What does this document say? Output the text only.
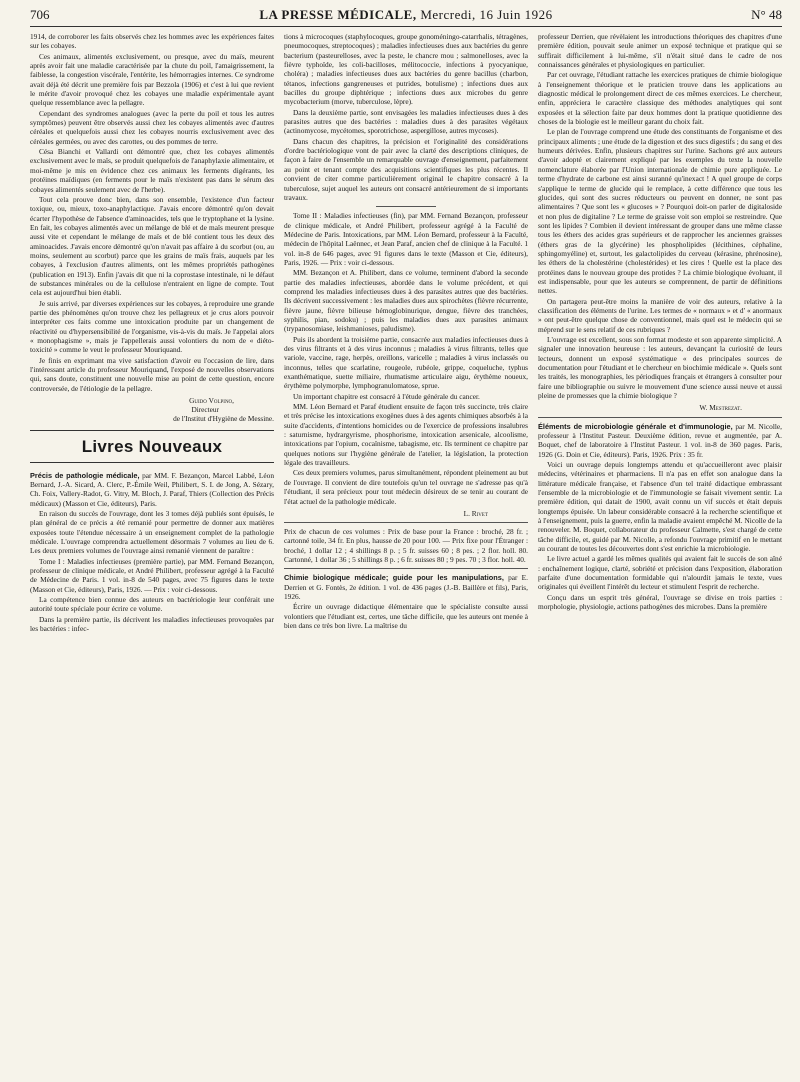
706	LA PRESSE MÉDICALE, Mercredi, 16 Juin 1926	N° 48

1914, de corroborer les faits observés chez les hommes avec les expériences faites sur les cobayes.

Ces animaux, alimentés exclusivement, ou presque, avec du maïs, meurent après avoir fait une maladie caractérisée par la chute du poil, l'amaigrissement, la faiblesse, la congestion viscérale, l'entérite, les hémorragies internes. Ce syndrome avait déjà été décrit une première fois par Bezzola (1906) et c'est à lui que revient le mérite d'avoir provoqué chez les cobayes une maladie expérimentale ayant quelque ressemblance avec la pellagre.

Cependant des syndromes analogues (avec la perte du poil et tous les autres symptômes) peuvent être observés aussi chez les cobayes alimentés avec d'autres céréales et quelquefois aussi chez les cobayes nourris exclusivement avec des céréales germées, ou avec des carottes, ou des pommes de terre.

Césa Bianchi et Vallardi ont démontré que, chez les cobayes alimentés exclusivement avec le maïs, se produit quelquefois de l'anaphylaxie alimentaire, et moi-même je mis en évidence chez ces animaux les ferments digérants, les protéines maïdiques (en ferments pour le maïs n'existent pas dans le sérum des cobayes alimentés seulement avec de l'herbe).

Tout cela prouve donc bien, dans son ensemble, l'existence d'un facteur toxique, ou, mieux, toxo-anaphylactique. J'avais encore démontré qu'on devait écarter l'hypothèse de l'absence d'aminoacides, tels que le tryptophane et la lysine. En fait, les cobayes alimentés avec un mélange de blé et de maïs meurent presque aussi vite et cependant le mélange de maïs et de blé contient tous les deux des aminoacides. J'avais encore démontré qu'on n'avait pas affaire à du scorbut (ou, au moins, seulement au scorbut) parce que les grains de maïs frais, auquels par les cobayes, à l'exclusion d'autres aliments, ont les mêmes propriétés pathogènes (publication en 1913). Enfin j'avais dit que ni la coprostase intestinale, ni le défaut de substances minérales ou de la cellulose n'entraient en ligne de compte. Tout cela est aujourd'hui bien établi.

Je suis arrivé, par diverses expériences sur les cobayes, à reproduire une grande partie des phénomènes qu'on trouve chez les pellagreux et je crus alors pouvoir interpréter ces faits comme une intoxication produite par un changement de réactivité ou d'hypersensibilité de l'organisme, vis-à-vis du maïs. Je l'appelai alors « monophagisme », mais je l'appellerais aussi volontiers du nom de « diéto-toxicité » comme le veut le professeur Mouriquand.

Je finis en exprimant ma vive satisfaction d'avoir eu l'occasion de lire, dans l'intéressant article du professeur Mouriquand, l'exposé de nouvelles observations qui, sans doute, constituent une nouvelle mise au point de cette question, encore controversée, de l'étiologie de la pellagre.

Guido Volpino,
Directeur
de l'Institut d'Hygiène de Messine.
Livres Nouveaux

Précis de pathologie médicale, par MM. F. Bezançon, Marcel Labbé, Léon Bernard, J.-A. Sicard, A. Clerc, P.-Émile Weil, Philibert, S. I. de Jong, A. Sézary, Ch. Foix, Vallery-Radot, G. Vitry, M. Bloch, J. Paraf, Thiers (Collection des Précis médicaux) (Masson et Cie, éditeurs), Paris.

En raison du succès de l'ouvrage, dont les 3 tomes déjà publiés sont épuisés, le plan général de ce précis a été remanié pour permettre de donner aux matières exposées toute l'étendue nécessaire à un enseignement complet de la pathologie médicale. L'ouvrage comprendra actuellement désormais 7 volumes au lieu de 6. Les deux premiers volumes de l'ouvrage ainsi remanié viennent de paraître :

Tome I : Maladies infectieuses (première partie), par MM. Fernand Bezançon, professeur de clinique médicale, et André Philibert, professeur agrégé à la Faculté de Médecine de Paris. 1 vol. in-8 de 540 pages, avec 75 figures dans le texte (Masson et Cie, éditeurs), Paris, 1926. — Prix : voir ci-dessous.

La compétence bien connue des auteurs en bactériologie leur conférait une autorité toute spéciale pour écrire ce volume.

Dans la première partie, ils décrivent les maladies infectieuses provoquées par les bactéries : infec-

tions à microcoques (staphylocoques, groupe gonoméningo-catarrhalis, tétragènes, pneumocoques, streptocoques) ; maladies infectieuses dues aux bactéries du genre bacterium (pasteurelloses, avec la peste, le chancre mou ; salmonelloses, avec la fièvre typhoïde, les coli-bacilloses, mélitococcie, infections à pyocyanique, choléra) ; maladies infectieuses dues aux bactéries du genre bacillus (charbon, tétanos, infections gangreneuses et putrides, botulisme) ; infections dues aux bacilles du groupe diphtérique ; infections dues aux microbes du genre mycobacterium (morve, tuberculose, lèpre).

Dans la deuxième partie, sont envisagées les maladies infectieuses dues à des parasites autres que des bactéries : maladies dues à des parasites végétaux (actinomycose, mycétomes, sporotrichose, aspergillose, autres mycoses).

Dans chacun des chapitres, la précision et l'originalité des considérations d'ordre bactériologique vont de pair avec la clarté des descriptions cliniques, de façon à faire de l'ensemble un remarquable ouvrage d'enseignement, parfaitement au point et tenant compte des acquisitions scientifiques les plus récentes. Il convient de citer comme particulièrement original le chapitre consacré à la tuberculose, sujet auquel les auteurs ont consacré antérieurement de si importants travaux.

Tome II : Maladies infectieuses (fin), par MM. Fernand Bezançon, professeur de clinique médicale, et André Philibert, professeur agrégé à la Faculté de Médecine de Paris. Intoxications, par MM. Léon Bernard, professeur à la Faculté, médecin de l'hôpital Laënnec, et Jean Paraf, ancien chef de clinique à la Faculté. 1 vol. in-8 de 646 pages, avec 91 figures dans le texte (Masson et Cie, éditeurs), Paris, 1926. — Prix : voir ci-dessous.

MM. Bezançon et A. Philibert, dans ce volume, terminent d'abord la seconde partie des maladies infectieuses, abordée dans le volume précédent, et qui comprend les maladies infectieuses dues à des parasites autres que des bactéries. Ils décrivent successivement : les maladies dues aux spirochètes (fièvre récurrente, fièvre jaune, fièvre bilieuse hémoglobinurique, dengue, fièvre des tranchées, syphilis, pian, sodoku) ; puis les maladies dues aux parasites animaux (trypanosomiase, leishmanioses, paludisme).

Puis ils abordent la troisième partie, consacrée aux maladies infectieuses dues à des virus filtrants et à des virus inconnus ; maladies à virus filtrants, telles que variole, vaccine, rage, herpès, oreillons, varicelle ; maladies à virus inclassés ou inconnus, telles que scarlatine, rougeole, rubéole, grippe, coqueluche, typhus exanthématique, suette miliaire, rhumatisme articulaire aigu, érythème noueux, érythème polymorphe, lymphogranulomatose, sprue.

Un important chapitre est consacré à l'étude générale du cancer.

MM. Léon Bernard et Paraf étudient ensuite de façon très succincte, très claire et très précise les intoxications exogènes dues à des agents chimiques absorbés à la suite d'accidents, d'intentions homicides ou de l'exercice de professions insalubres : saturnisme, hydrargyrisme, phosphorisme, intoxication arsenicale, alcoolisme, intoxications par l'opium, cocaïnisme, tabagisme, etc. Ils terminent ce chapitre par quelques notions sur l'hygiène générale de l'atelier, la législation, la protection légale des travailleurs.

Ces deux premiers volumes, parus simultanément, répondent pleinement au but de l'ouvrage. Il convient de dire toutefois qu'un tel ouvrage ne s'adresse pas qu'à l'étudiant, il sera précieux pour tout médecin désireux de se tenir au courant de l'état actuel de la pathologie médicale.

L. Rivet

Prix de chacun de ces volumes : Prix de base pour la France : broché, 28 fr. ; cartonné toile, 34 fr. En plus, hausse de 20 pour 100. — Prix fixe pour l'Étranger : broché, 1 dollar 12 ; 4 shillings 8 p. ; 5 fr. suisses 60 ; 8 pes. ; 2 flor. holl. 80. Cartonné, 1 dollar 36 ; 5 shillings 8 p. ; 6 fr. suisses 80 ; 9 pes. 70 ; 3 flor. holl. 40.

Chimie biologique médicale; guide pour les manipulations, par E. Derrien et G. Fontès, 2e édition. 1 vol. de 436 pages (J.-B. Baillère et fils), Paris, 1926.

Écrire un ouvrage didactique élémentaire que le spécialiste consulte aussi volontiers que l'étudiant est, certes, une tâche difficile, que les auteurs ont menée à bien dans ce très bon livre. La maîtrise du

professeur Derrien, que révèlaient les introductions théoriques des chapitres d'une première édition, pouvait seule animer un exposé technique et pratique qui se suffirait difficilement à lui-même, s'il n'était situé dans le cadre de nos connaissances générales et physiologiques en particulier.

Par cet ouvrage, l'étudiant rattache les exercices pratiques de chimie biologique à l'enseignement théorique et le praticien trouve dans les applications au diagnostic médical le prolongement direct de ces mêmes exercices. Le chercheur, enfin, appréciera le caractère classique des méthodes analytiques qui sont exposées et la sélection faite par deux hommes dont la pratique quotidienne des choses de la biologie est le meilleur garant du choix fait.

Le plan de l'ouvrage comprend une étude des constituants de l'organisme et des principaux aliments ; une étude de la digestion et des sucs digestifs ; du sang et des humeurs dérivées. Enfin, plusieurs chapitres sur l'urine. Sachons gré aux auteurs d'avoir adopté et clairement expliqué par les exemples du texte la nouvelle nomenclature élaborée par l'Union internationale de chimie pure appliquée. Le terme d'hydrate de carbone est ainsi suranné qu'inexact ! A quel groupe de corps s'applique le terme de glucide qui le remplace, à cette différence que tous les glucides, qui sont des sucres réducteurs ou peuvent en donner, ne sont pas alimentaires ? Que sont les « glucoses » ? Pourquoi doit-on parler de digitaloside et non plus de digitaline ? Le terme de graisse voit son emploi se restreindre. Que sont les lipides ? Combien il devient intéressant de grouper dans une même classe tous les éthers des acides gras supérieurs et de rapprocher les anciennes graisses (éthers gras de la glycérine) les phospholipides (lécithines, céphaline, sphingomyéline) et, surtout, les galactolipides du cerveau (kérasine, phrénosine), les éthers de la cholestérine (cholestérides) et les cires ! Quelle est la place des protéines dans le nouveau groupe des protides ? La chimie biologique évoluant, il est indispensable, pour que les auteurs se comprennent, de partir de définitions nettes.

On partagera peut-être moins la manière de voir des auteurs, relative à la classification des éléments de l'urine. Les termes de « normaux » et d' « anormaux » ont peut-être quelque chose de conventionnel, mais quel est le médecin qui se méprend sur le sens relatif de ces rubriques ?

L'ouvrage est excellent, sous son format modeste et son apparente simplicité. A signaler une innovation heureuse : les auteurs, devançant la curiosité de leurs lecteurs, donnent un exposé systématique « des principales sources de documentation pour l'étudiant et le chercheur en biochimie médicale ». Quels sont les traités, les monographies, les périodiques français et étrangers à consulter pour faire une bibliographie ou suivre le mouvement d'une science aussi neuve et aussi pleine de promesses que la chimie biologique ?

W. Mestrezat.

Éléments de microbiologie générale et d'immunologie, par M. Nicolle, professeur à l'Institut Pasteur. Deuxième édition, revue et augmentée, par A. Boquet, chef de laboratoire à l'Institut Pasteur. 1 vol. in-8 de 360 pages. Paris, 1926 (G. Doin et Cie, éditeurs). Paris, 1926. Prix : 35 fr.

Voici un ouvrage depuis longtemps attendu et qu'accueilleront avec plaisir médecins, vétérinaires et pharmaciens. Il n'a pas en effet son analogue dans la littérature médicale française, et l'absence d'un tel traité didactique embrassant l'ensemble de la microbiologie et de l'immunologie se faisait vivement sentir. La première édition, qui datait de 1900, avait connu un vif succès et était depuis longtemps épuisée. Un labeur considérable consacré à la recherche scientifique et à l'enseignement, puis la guerre, enfin la maladie avaient empêché M. Nicolle de la renouveler. M. Boquet, collaborateur du professeur Calmette, s'est chargé de cette tâche difficile, et, guidé par M. Nicolle, a refondu l'ouvrage primitif en le mettant au courant de toutes les découvertes dont s'est enrichie la microbiologie.

Le livre actuel a gardé les mêmes qualités qui avaient fait le succès de son aîné : enchaînement logique, clarté, sobriété et précision dans l'exposition, élaboration parfaite d'une documentation formidable qui n'alourdit jamais le texte, vues originales qui éveillent l'intérêt du lecteur et stimulent l'esprit de recherche.

Conçu dans un esprit très général, l'ouvrage se divise en trois parties : morphologie, physiologie, actions pathogènes des microbes. Dans la première
